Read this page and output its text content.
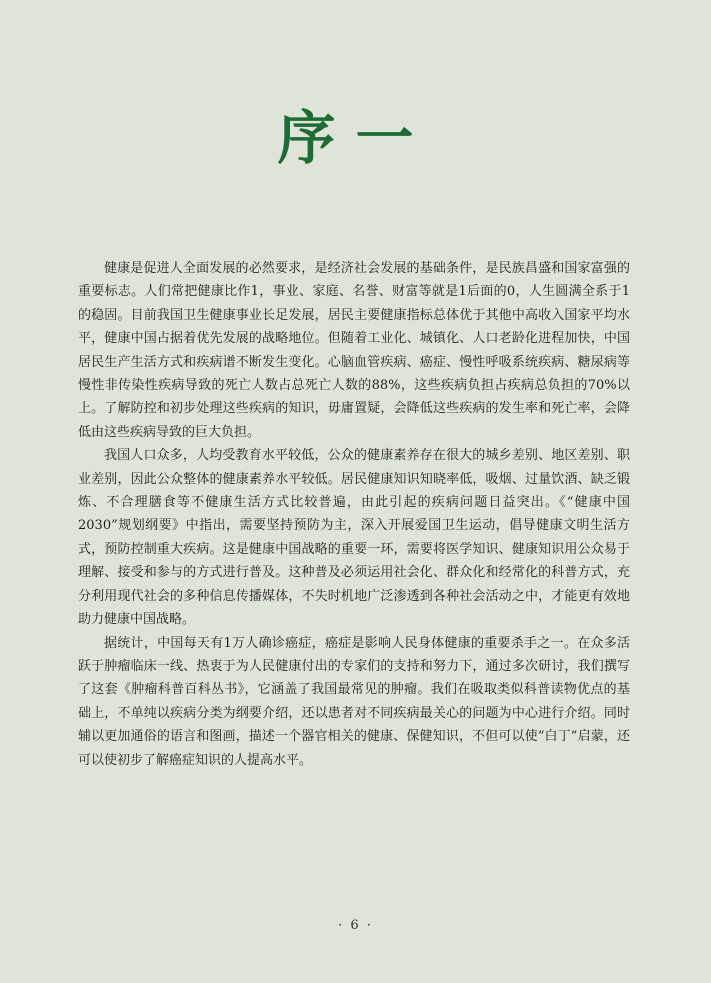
序一

健康是促进人全面发展的必然要求，是经济社会发展的基础条件，是民族昌盛和国家富强的重要标志。人们常把健康比作1，事业、家庭、名誉、财富等就是1后面的0，人生圆满全系于1的稳固。目前我国卫生健康事业长足发展，居民主要健康指标总体优于其他中高收入国家平均水平，健康中国占据着优先发展的战略地位。但随着工业化、城镇化、人口老龄化进程加快，中国居民生产生活方式和疾病谱不断发生变化。心脑血管疾病、癌症、慢性呼吸系统疾病、糖尿病等慢性非传染性疾病导致的死亡人数占总死亡人数的88%，这些疾病负担占疾病总负担的70%以上。了解防控和初步处理这些疾病的知识，毋庸置疑，会降低这些疾病的发生率和死亡率，会降低由这些疾病导致的巨大负担。

我国人口众多，人均受教育水平较低，公众的健康素养存在很大的城乡差别、地区差别、职业差别，因此公众整体的健康素养水平较低。居民健康知识知晓率低，吸烟、过量饮酒、缺乏锻炼、不合理膳食等不健康生活方式比较普遍，由此引起的疾病问题日益突出。《“健康中国2030”规划纲要》中指出，需要坚持预防为主，深入开展爱国卫生运动，倡导健康文明生活方式，预防控制重大疾病。这是健康中国战略的重要一环，需要将医学知识、健康知识用公众易于理解、接受和参与的方式进行普及。这种普及必须运用社会化、群众化和经常化的科普方式，充分利用现代社会的多种信息传播媒体，不失时机地广泛渗透到各种社会活动之中，才能更有效地助力健康中国战略。

据统计，中国每天有1万人确诊癌症，癌症是影响人民身体健康的重要杀手之一。在众多活跃于肿瘤临床一线、热衷于为人民健康付出的专家们的支持和努力下，通过多次研讨，我们撰写了这套《肿瘤科普百科丛书》，它涵盖了我国最常见的肿瘤。我们在吸取类似科普读物优点的基础上，不单纯以疾病分类为纲要介绍，还以患者对不同疾病最关心的问题为中心进行介绍。同时辅以更加通俗的语言和图画，描述一个器官相关的健康、保健知识，不但可以使“白丁”启蒙，还可以使初步了解癌症知识的人提高水平。

· 6 ·
